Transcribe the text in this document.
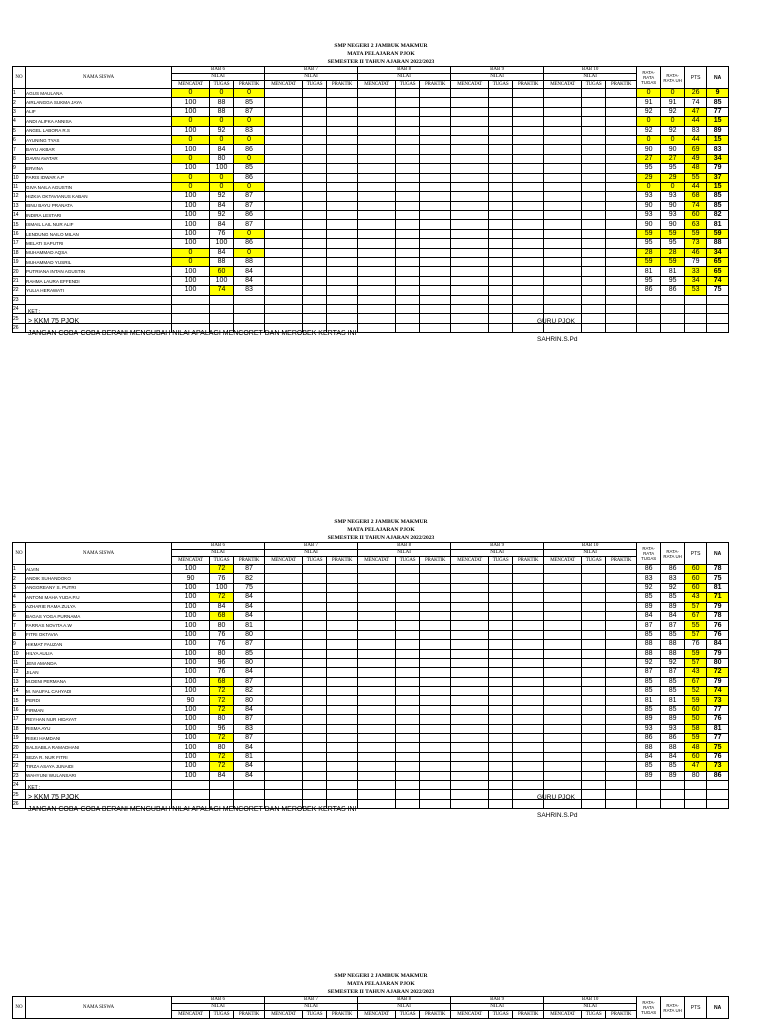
SMP NEGERI 2 JAMBUK MAKMUR
MATA PELAJARAN PJOK
SEMESTER II TAHUN AJARAN 2022/2023
NO	NAMA SISWA	BAB 6			BAB 7			BAB 8			BAB 9			BAB 10			RATA-RATA TUGAS	RATA-RATA UH	PTS	NA
		NILAI			NILAI			NILAI			NILAI			NILAI						
		MENCATAT	TUGAS	PRAKTIK	MENCATAT	TUGAS	PRAKTIK	MENCATAT	TUGAS	PRAKTIK	MENCATAT	TUGAS	PRAKTIK	MENCATAT	TUGAS	PRAKTIK				
1	AGUS MAULANA	0	0	0													0	0	26	9
2	AIRLANGGA SUKMA JAYA	100	88	85													91	91	74	85
3	ALIF	100	88	87													92	92	47	77
4	ANDI ALIFKA ANNISA	0	0	0													0	0	44	15
5	ANGEL LABORA R.S	100	92	83													92	92	83	89
6	AYUNING TYAS	0	0	0													0	0	44	15
7	BAYU AKBAR	100	84	86													90	90	69	83
8	DAVIN AVATAR	0	80	0													27	27	49	34
9	ERVINA	100	100	85													95	95	48	79
10	FARIS IDWAR A.P	0	0	86													29	29	55	37
11	GIVA NAILA AGUSTIN	0	0	0													0	0	44	15
12	HIZKIA OKTAVIANUS KABAN	100	92	87													93	93	68	85
13	IBNU BAYU PRANATA	100	84	87													90	90	74	85
14	INDIRA LESTARI	100	92	86													93	93	60	82
15	ISMAIL LAIL NUR ALIF	100	84	87													90	90	63	81
16	LENDUNG NAILO MILAN	100	76	0													59	59	59	59
17	MELATI SAPUTRI	100	100	86													95	95	73	88
18	MUHAMMAD AQSA	0	84	0													28	28	46	34
19	MUHAMMAD YUSRIL	0	88	88													59	59	79	65
20	PUTRIANA INTAN AGUSTIN	100	60	84													81	81	33	65
21	RAHMA LAURA EFFENDI	100	100	84													95	95	34	74
22	YULIA HERAWATI	100	74	83													86	86	53	75
23																				
24																				
25																				
26																				
SMP NEGERI 2 JAMBUK MAKMUR
MATA PELAJARAN PJOK
SEMESTER II TAHUN AJARAN 2022/2023
NO	NAMA SISWA	BAB 6			BAB 7			BAB 8			BAB 9			BAB 10			RATA-RATA TUGAS	RATA-RATA UH	PTS	NA
		NILAI			NILAI			NILAI			NILAI			NILAI						
		MENCATAT	TUGAS	PRAKTIK	MENCATAT	TUGAS	PRAKTIK	MENCATAT	TUGAS	PRAKTIK	MENCATAT	TUGAS	PRAKTIK	MENCATAT	TUGAS	PRAKTIK				
1	ALVIN	100	72	87													86	86	60	78
2	ANDIK SUHANDOKO	90	76	82													83	83	60	75
3	ANGGREANY S. PUTRI	100	100	75													92	92	60	81
4	ANTONI MAHA YUDA P.U	100	72	84													85	85	43	71
5	AZHARIE RAMA ZULYA	100	84	84													89	89	57	79
6	BAGAS YOGA PURNAMA	100	68	84													84	84	67	78
7	FARRAS NOVITA A.W	100	80	81													87	87	55	76
8	FITRI OKTAVIA	100	76	80													85	85	57	76
9	HIKMAT FAUZAN	100	76	87													88	88	76	84
10	HILYA AULIA	100	80	85													88	88	59	79
11	JENI AMANDA	100	96	80													92	92	57	80
12	JILAN	100	76	84													87	87	43	72
13	M.DENI PERMANA	100	68	87													85	85	67	79
14	M. NAUFAL CAHYADI	100	72	82													85	85	52	74
15	PERDI	90	72	80													81	81	59	73
16	FIRMAN	100	72	84													85	85	60	77
17	REYHAN NUR HIDAYAT	100	80	87													89	89	50	76
18	RISMA AYU	100	96	83													93	93	58	81
19	RISKI HAMDANI	100	72	87													86	86	59	77
20	SALSABILA RAMADHANI	100	80	84													88	88	48	75
21	SEZA R. NUR FITRI	100	72	81													84	84	60	76
22	TIRZA ASAYA JUNAIDI	100	72	84													85	85	47	73
23	WAHYUNI WULANSARI	100	84	84													89	89	80	86
24																				
25																				
26																				
SMP NEGERI 2 JAMBUK MAKMUR
MATA PELAJARAN PJOK
SEMESTER II TAHUN AJARAN 2022/2023
NO	NAMA SISWA	BAB 6			BAB 7			BAB 8			BAB 9			BAB 10			RATA-RATA TUGAS	RATA-RATA UH	PTS	NA
		NILAI			NILAI			NILAI			NILAI			NILAI						
		MENCATAT	TUGAS	PRAKTIK	MENCATAT	TUGAS	PRAKTIK	MENCATAT	TUGAS	PRAKTIK	MENCATAT	TUGAS	PRAKTIK	MENCATAT	TUGAS	PRAKTIK				
KET :
> KKM 75 PJOK
JANGAN COBA-COBA BERANI MENGUBAH NILAI APALAGI MENCORET DAN MEROBEK KERTAS INI
GURU PJOK
SAHRIN.S.Pd
KET :
> KKM 75 PJOK
JANGAN COBA-COBA BERANI MENGUBAH NILAI APALAGI MENCORET DAN MEROBEK KERTAS INI
GURU PJOK
SAHRIN.S.Pd
